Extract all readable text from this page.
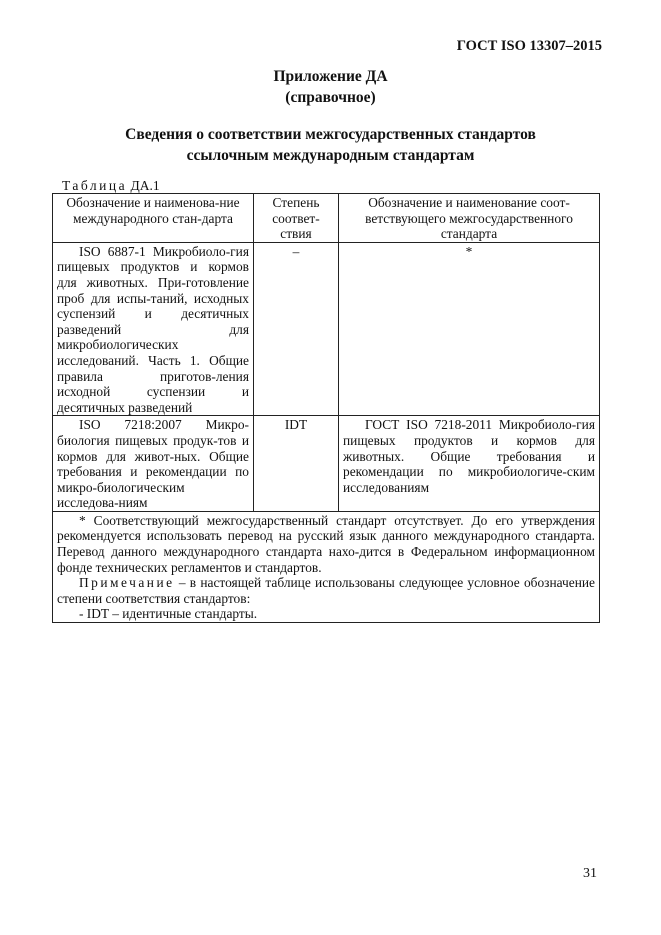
ГОСТ ISO 13307–2015
Приложение ДА
(справочное)
Сведения о соответствии межгосударственных стандартов
ссылочным международным стандартам
Таблица ДА.1
Обозначение и наименова-ние международного стан-дарта	Степень соответ-ствия	Обозначение и наименование соот-ветствующего межгосударственного стандарта
ISO 6887-1 Микробиоло-гия пищевых продуктов и кормов для животных. При-готовление проб для испы-таний, исходных суспензий и десятичных разведений для микробиологических исследований. Часть 1. Общие правила приготов-ления исходной суспензии и десятичных разведений	–	*
ISO 7218:2007 Микро-биология пищевых продук-тов и кормов для живот-ных. Общие требования и рекомендации по микро-биологическим исследова-ниям	IDT	ГОСТ ISO 7218-2011 Микробиоло-гия пищевых продуктов и кормов для животных. Общие требования и рекомендации по микробиологиче-ским исследованиям

* Соответствующий межгосударственный стандарт отсутствует. До его утверждения рекомендуется использовать перевод на русский язык данного международного стандарта. Перевод данного международного стандарта нахо-дится в Федеральном информационном фонде технических регламентов и стандартов.

Примечание – в настоящей таблице использованы следующее условное обозначение степени соответствия стандартов:

- IDT – идентичные стандарты.		

31
